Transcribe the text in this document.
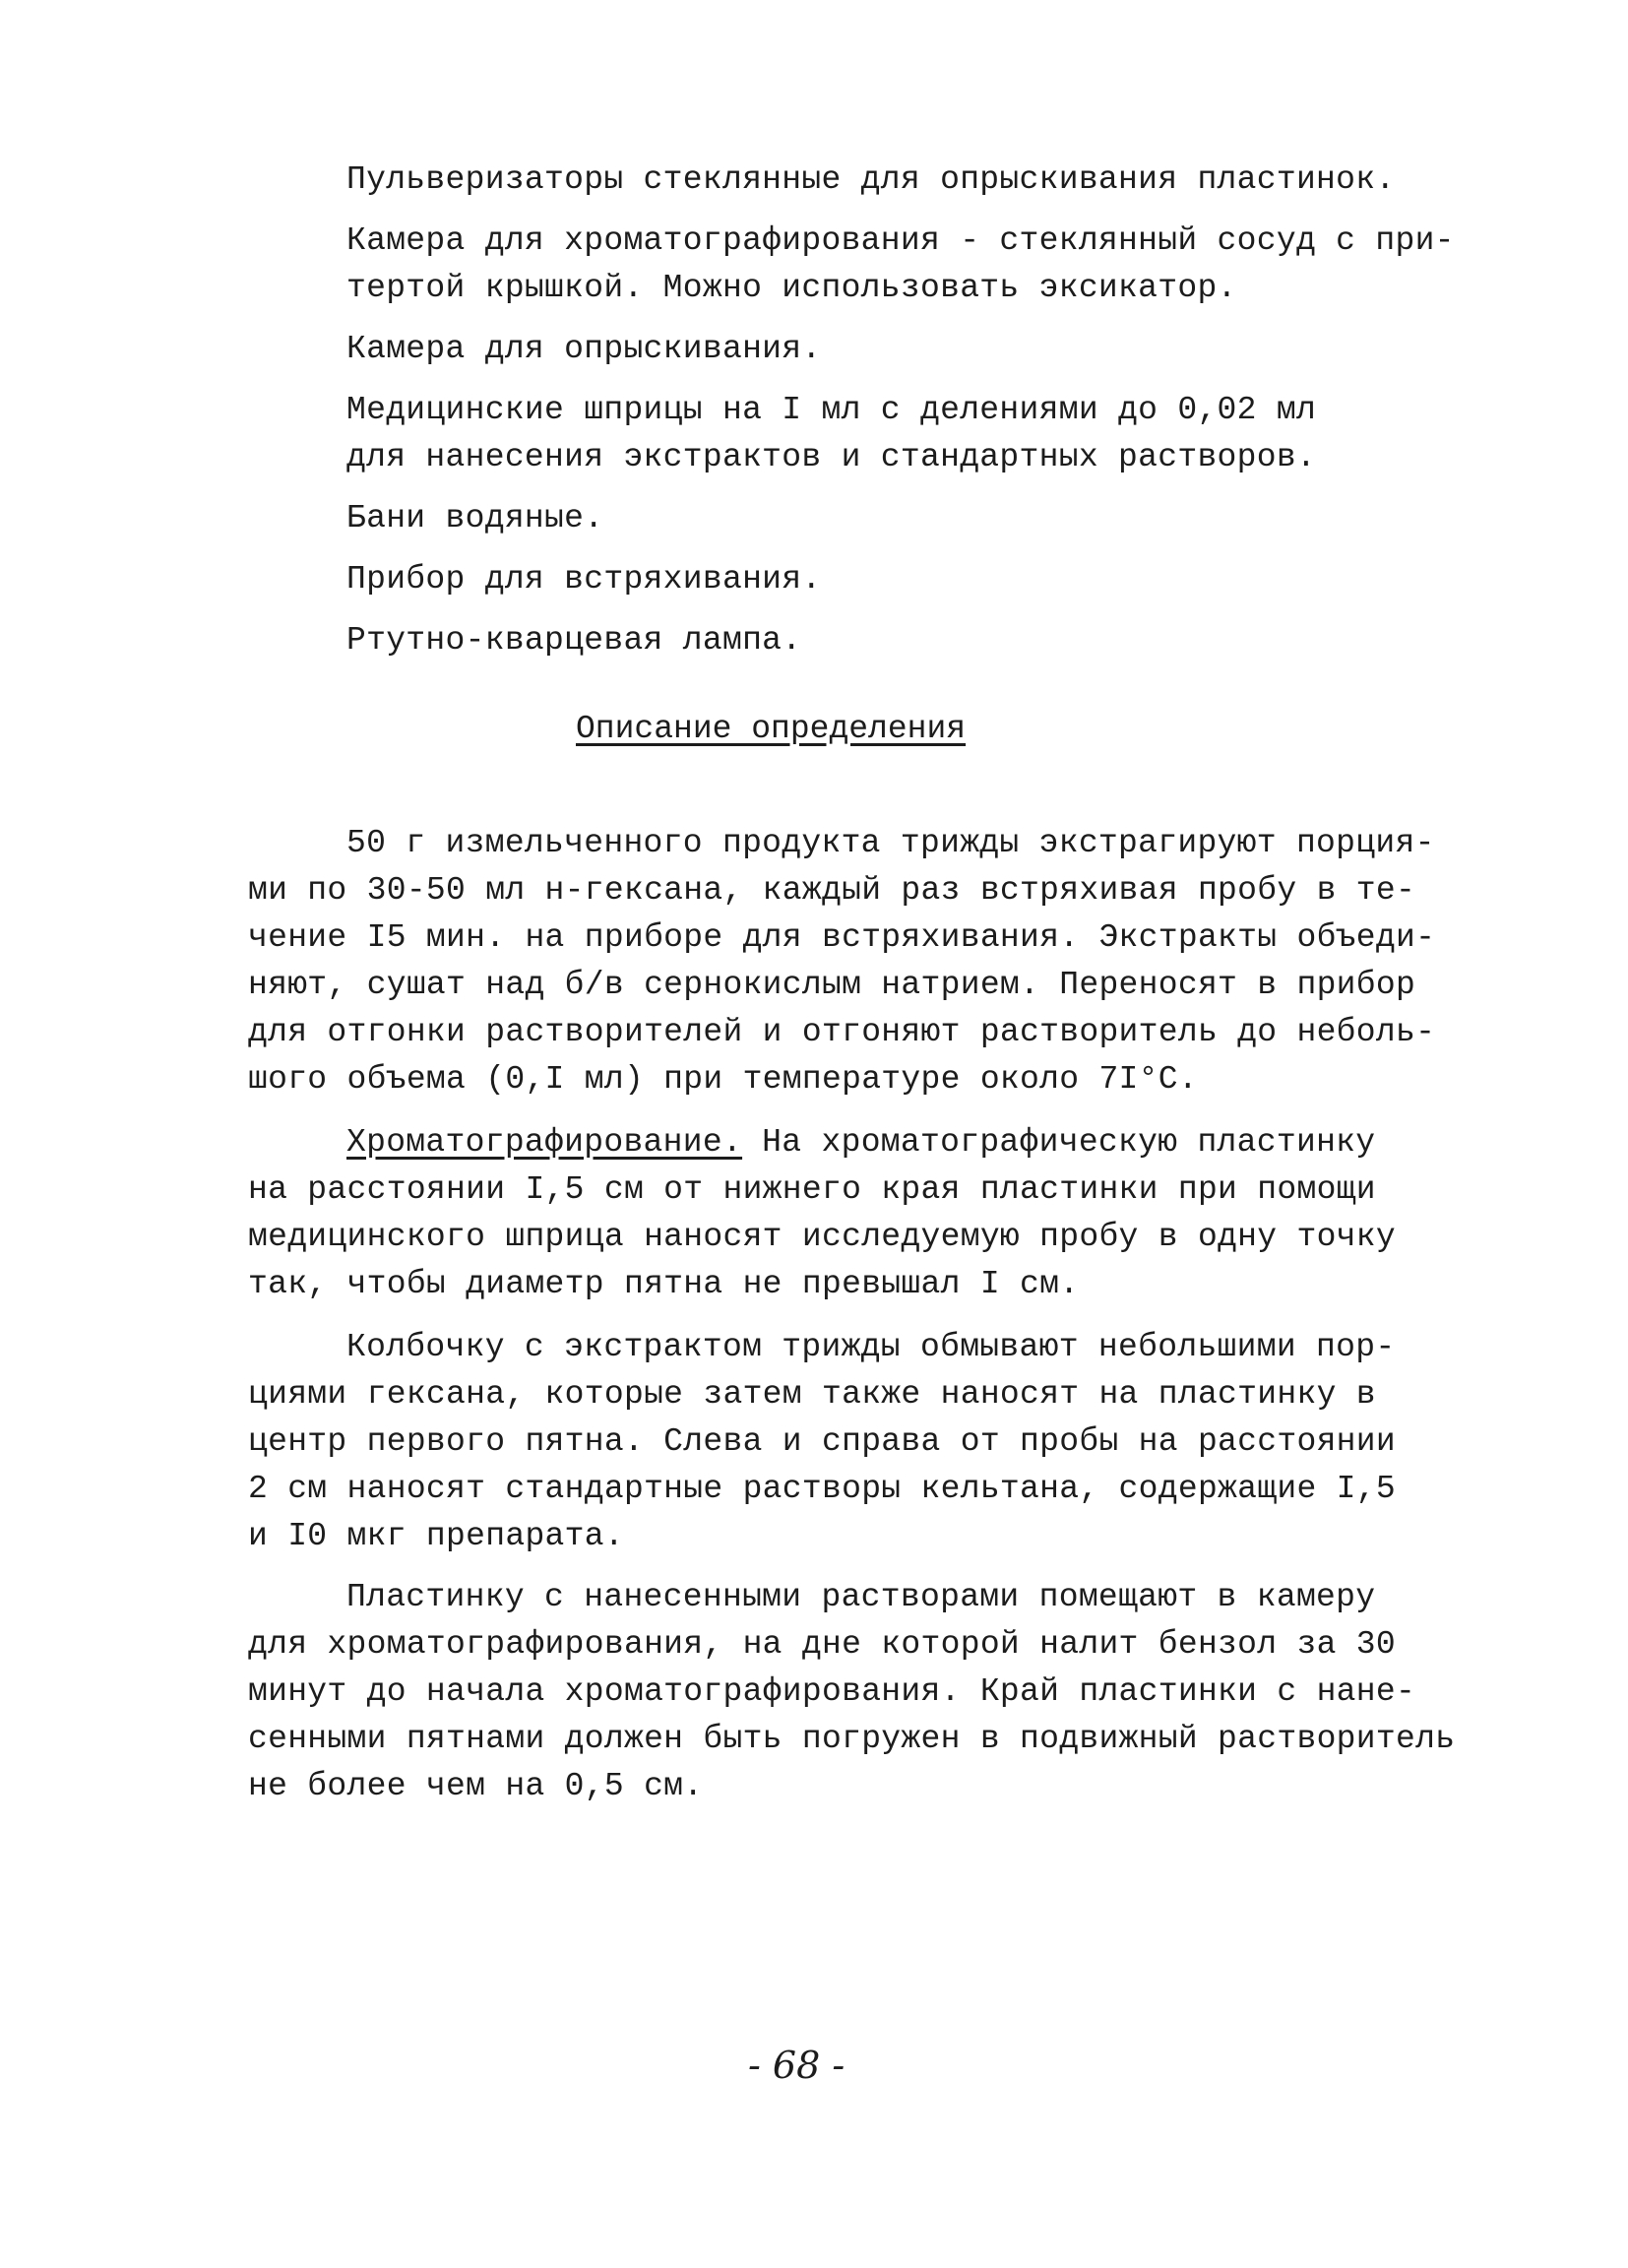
Пульверизаторы стеклянные для опрыскивания пластинок.
Камера для хроматографирования - стеклянный сосуд с при-
тертой крышкой. Можно использовать эксикатор.
Камера для опрыскивания.
Медицинские шприцы на I мл с делениями до 0,02 мл
для нанесения экстрактов и стандартных растворов.
Бани водяные.
Прибор для встряхивания.
Ртутно-кварцевая лампа.
Описание определения
50 г измельченного продукта трижды экстрагируют порция-
ми по 30-50 мл н-гексана, каждый раз встряхивая пробу в те-
чение I5 мин. на приборе для встряхивания. Экстракты объеди-
няют, сушат над б/в сернокислым натрием. Переносят в прибор
для отгонки растворителей и отгоняют растворитель до неболь-
шого объема (0,I мл) при температуре около 7I°С.
Хроматографирование. На хроматографическую пластинку
на расстоянии I,5 см от нижнего края пластинки при помощи
медицинского шприца наносят исследуемую пробу в одну точку
так, чтобы диаметр пятна не превышал I см.
Колбочку с экстрактом трижды обмывают небольшими пор-
циями гексана, которые затем также наносят на пластинку в
центр первого пятна. Слева и справа от пробы на расстоянии
2 см наносят стандартные растворы кельтана, содержащие I,5
и I0 мкг препарата.
Пластинку с нанесенными растворами помещают в камеру
для хроматографирования, на дне которой налит бензол за 30
минут до начала хроматографирования. Край пластинки с нане-
сенными пятнами должен быть погружен в подвижный растворитель
не более чем на 0,5 см.
- 68 -
